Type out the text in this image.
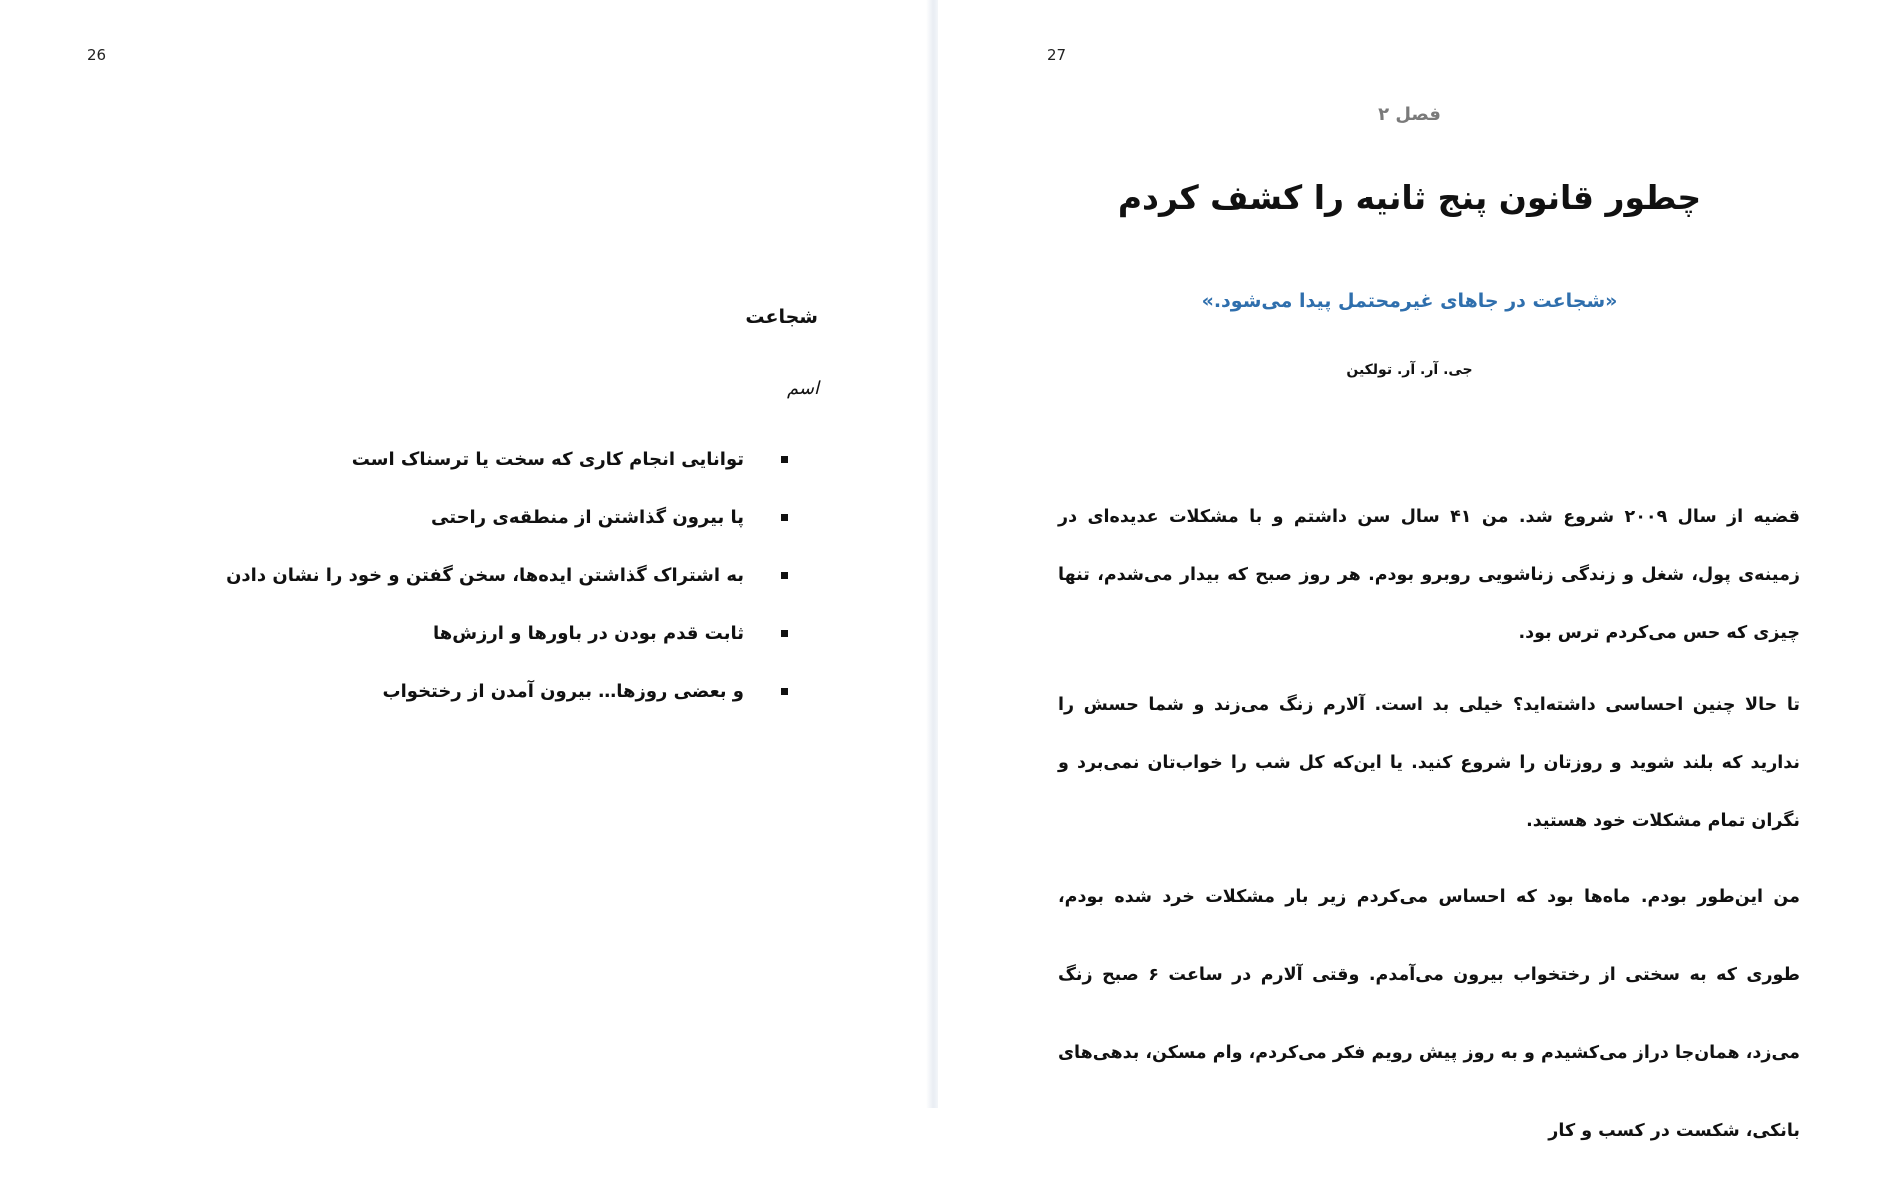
26
شجاعت
اسم
توانایی انجام کاری که سخت یا ترسناک است
پا بیرون گذاشتن از منطقه‌ی راحتی
به اشتراک گذاشتن ایده‌ها، سخن گفتن و خود را نشان دادن
ثابت قدم بودن در باورها و ارزش‌ها
و بعضی روزها… بیرون آمدن از رختخواب
27
فصل ۲
چطور قانون پنج ثانیه را کشف کردم
«شجاعت در جاهای غیرمحتمل پیدا می‌شود.»
جی. آر. آر. تولکین

قضیه از سال ۲۰۰۹ شروع شد. من ۴۱ سال سن داشتم و با مشکلات عدیده‌ای در زمینه‌ی پول، شغل و زندگی زناشویی روبرو بودم. هر روز صبح که بیدار می‌شدم، تنها چیزی که حس می‌کردم ترس بود.

تا حالا چنین احساسی داشته‌اید؟ خیلی بد است. آلارم زنگ می‌زند و شما حسش را ندارید که بلند شوید و روزتان را شروع کنید. یا این‌که کل شب را خواب‌تان نمی‌برد و نگران تمام مشکلات خود هستید.

من این‌طور بودم. ماه‌ها بود که احساس می‌کردم زیر بار مشکلات خرد شده بودم، طوری که به سختی از رختخواب بیرون می‌آمدم. وقتی آلارم در ساعت ۶ صبح زنگ می‌زد، همان‌جا دراز می‌کشیدم و به روز پیش رویم فکر می‌کردم، وام مسکن، بدهی‌های بانکی، شکست در کسب و کار
